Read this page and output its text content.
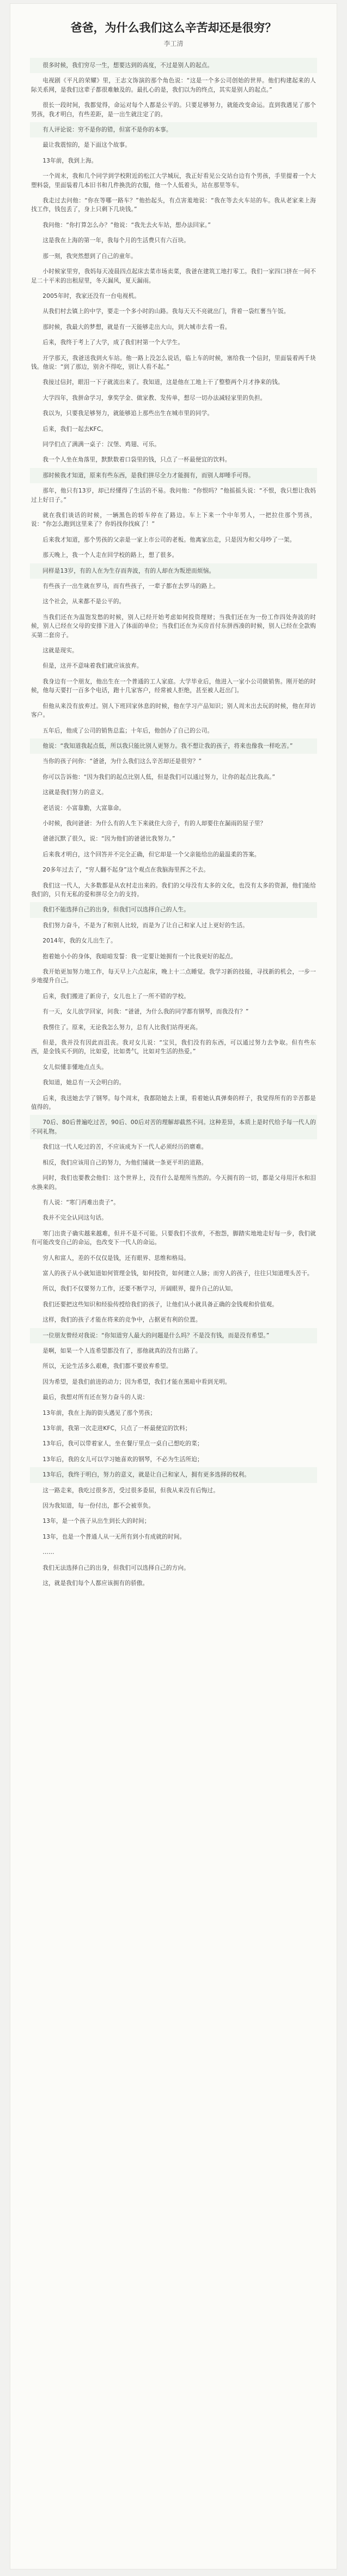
爸爸，为什么我们这么辛苦却还是很穷？
李工清

很多时候，我们穷尽一生，想要达到的高度，不过是别人的起点。

电视剧《平凡的荣耀》里，王志文饰演的那个角色说：“这是一个多公司创始的世界。他们构建起来的人际关系网，是我们这辈子都很难触及的。最扎心的是，我们以为的终点，其实是别人的起点。”

很长一段时间，我都觉得，命运对每个人都是公平的。只要足够努力，就能改变命运。直到我遇见了那个男孩，我才明白，有些差距，是一出生就注定了的。

有人评论说：穷不是你的错，但富不是你的本事。

最让我震惊的，是下面这个故事。

13年前，我到上海。

一个周末，我和几个同学到学校附近的松江大学城玩，我正好看见公交站台边有个男孩，手里提着一个大塑料袋，里面装着几本旧书和几件换洗的衣服，他一个人低着头，站在那里等车。

我走过去问他：“你在等哪一路车？”他抬起头，有点害羞地说：“我在等去火车站的车。我从老家来上海找工作，钱包丢了，身上只剩下几块钱。”

我问他：“你打算怎么办？”他说：“我先去火车站，想办法回家。”

这是我在上海的第一年，我每个月的生活费只有六百块。

那一刻，我突然想到了自己的童年。

小时候家里穷，我妈每天凌晨四点起床去菜市场卖菜，我爸在建筑工地打零工。我们一家四口挤在一间不足二十平米的出租屋里，冬天漏风，夏天漏雨。

2005年时，我家还没有一台电视机。

从我们村去镇上的中学，要走一个多小时的山路。我每天天不亮就出门，背着一袋红薯当午饭。

那时候，我最大的梦想，就是有一天能够走出大山，到大城市去看一看。

后来，我终于考上了大学，成了我们村第一个大学生。

开学那天，我爸送我到火车站。他一路上没怎么说话，临上车的时候，塞给我一个信封，里面装着两千块钱。他说：“到了那边，别舍不得吃，别让人看不起。”

我接过信封，眼泪一下子就流出来了。我知道，这是他在工地上干了整整两个月才挣来的钱。

大学四年，我拼命学习，拿奖学金、做家教、发传单，想尽一切办法减轻家里的负担。

我以为，只要我足够努力，就能够追上那些出生在城市里的同学。

后来，我们一起去KFC。

同学们点了满满一桌子：汉堡、鸡翅、可乐。

我一个人坐在角落里，默默数着口袋里的钱，只点了一杯最便宜的饮料。

那时候我才知道，原来有些东西，是我们拼尽全力才能拥有，而别人却唾手可得。

那年，他只有13岁，却已经懂得了生活的不易。我问他：“你恨吗？”他摇摇头说：“不恨，我只想让我妈过上好日子。”

就在我们谈话的时候，一辆黑色的轿车停在了路边。车上下来一个中年男人，一把拉住那个男孩，说：“你怎么跑到这里来了？你妈找你找疯了！”

后来我才知道，那个男孩的父亲是一家上市公司的老板。他离家出走，只是因为和父母吵了一架。

那天晚上，我一个人走在回学校的路上，想了很多。

同样是13岁，有的人在为生存而奔波，有的人却在为叛逆而烦恼。

有些孩子一出生就在罗马，而有些孩子，一辈子都在去罗马的路上。

这个社会，从来都不是公平的。

当我们还在为温饱发愁的时候，别人已经开始考虑如何投资理财；当我们还在为一份工作四处奔波的时候，别人已经在父母的安排下进入了体面的单位；当我们还在为买房首付东拼西凑的时候，别人已经在全款购买第二套房子。

这就是现实。

但是，这并不意味着我们就应该放弃。

我身边有一个朋友，他出生在一个普通的工人家庭。大学毕业后，他进入一家小公司做销售。刚开始的时候，他每天要打一百多个电话，跑十几家客户，经常被人拒绝，甚至被人赶出门。

但他从来没有放弃过。别人下班回家休息的时候，他在学习产品知识；别人周末出去玩的时候，他在拜访客户。

五年后，他成了公司的销售总监；十年后，他创办了自己的公司。

他说：“我知道我起点低，所以我只能比别人更努力。我不想让我的孩子，将来也像我一样吃苦。”

当你的孩子问你：“爸爸，为什么我们这么辛苦却还是很穷？”

你可以告诉他：“因为我们的起点比别人低，但是我们可以通过努力，让你的起点比我高。”

这就是我们努力的意义。

老话说：小富靠勤，大富靠命。

小时候，我问爸爸：为什么有的人生下来就住大房子，有的人却要住在漏雨的屋子里？

爸爸沉默了很久，说：“因为他们的爸爸比我努力。”

后来我才明白，这个回答并不完全正确，但它却是一个父亲能给出的最温柔的答案。

20多年过去了，“穷人翻不起身”这个观点在我脑海里挥之不去。

我们这一代人，大多数都是从农村走出来的。我们的父母没有太多的文化，也没有太多的资源，他们能给我们的，只有无私的爱和拼尽全力的支持。

我们不能选择自己的出身，但我们可以选择自己的人生。

我们努力奋斗，不是为了和别人比较，而是为了让自己和家人过上更好的生活。

2014年，我的女儿出生了。

抱着她小小的身体，我暗暗发誓：我一定要让她拥有一个比我更好的起点。

我开始更加努力地工作，每天早上六点起床，晚上十二点睡觉。我学习新的技能，寻找新的机会，一步一步地提升自己。

后来，我们搬进了新房子，女儿也上了一所不错的学校。

有一天，女儿放学回家，问我：“爸爸，为什么我的同学都有钢琴，而我没有？”

我愣住了。原来，无论我怎么努力，总有人比我们站得更高。

但是，我并没有因此而沮丧。我对女儿说：“宝贝，我们没有的东西，可以通过努力去争取。但有些东西，是金钱买不到的，比如爱，比如勇气，比如对生活的热爱。”

女儿似懂非懂地点点头。

我知道，她总有一天会明白的。

后来，我送她去学了钢琴。每个周末，我都陪她去上课，看着她认真弹奏的样子，我觉得所有的辛苦都是值得的。

70后、80后普遍吃过苦，90后、00后对苦的理解却截然不同。这种差异，本质上是时代给予每一代人的不同礼物。

我们这一代人吃过的苦，不应该成为下一代人必须经历的磨难。

相反，我们应该用自己的努力，为他们铺就一条更平坦的道路。

同时，我们也要教会他们：这个世界上，没有什么是理所当然的。今天拥有的一切，都是父母用汗水和泪水换来的。

有人说：“寒门再难出贵子”。

我并不完全认同这句话。

寒门出贵子确实越来越难，但并不是不可能。只要我们不放弃，不抱怨，脚踏实地地走好每一步，我们就有可能改变自己的命运，也改变下一代人的命运。

穷人和富人，差的不仅仅是钱，还有眼界、思维和格局。

富人的孩子从小就知道如何管理金钱，如何投资，如何建立人脉；而穷人的孩子，往往只知道埋头苦干。

所以，我们不仅要努力工作，还要不断学习，开阔眼界，提升自己的认知。

我们还要把这些知识和经验传授给我们的孩子，让他们从小就具备正确的金钱观和价值观。

这样，我们的孩子才能在将来的竞争中，占据更有利的位置。

一位朋友曾经对我说：“你知道穷人最大的问题是什么吗？不是没有钱，而是没有希望。”

是啊，如果一个人连希望都没有了，那他就真的没有出路了。

所以，无论生活多么艰难，我们都不要放弃希望。

因为希望，是我们前进的动力；因为希望，我们才能在黑暗中看到光明。

最后，我想对所有还在努力奋斗的人说：

13年前，我在上海的街头遇见了那个男孩；

13年前，我第一次走进KFC，只点了一杯最便宜的饮料；

13年后，我可以带着家人，坐在餐厅里点一桌自己想吃的菜；

13年后，我的女儿可以学习她喜欢的钢琴，不必为生活所迫；

13年后，我终于明白，努力的意义，就是让自己和家人，拥有更多选择的权利。

这一路走来，我吃过很多苦，受过很多委屈，但我从来没有后悔过。

因为我知道，每一份付出，都不会被辜负。

13年，是一个孩子从出生到长大的时间；

13年，也是一个普通人从一无所有到小有成就的时间。

……

我们无法选择自己的出身，但我们可以选择自己的方向。

这，就是我们每个人都应该拥有的骄傲。
